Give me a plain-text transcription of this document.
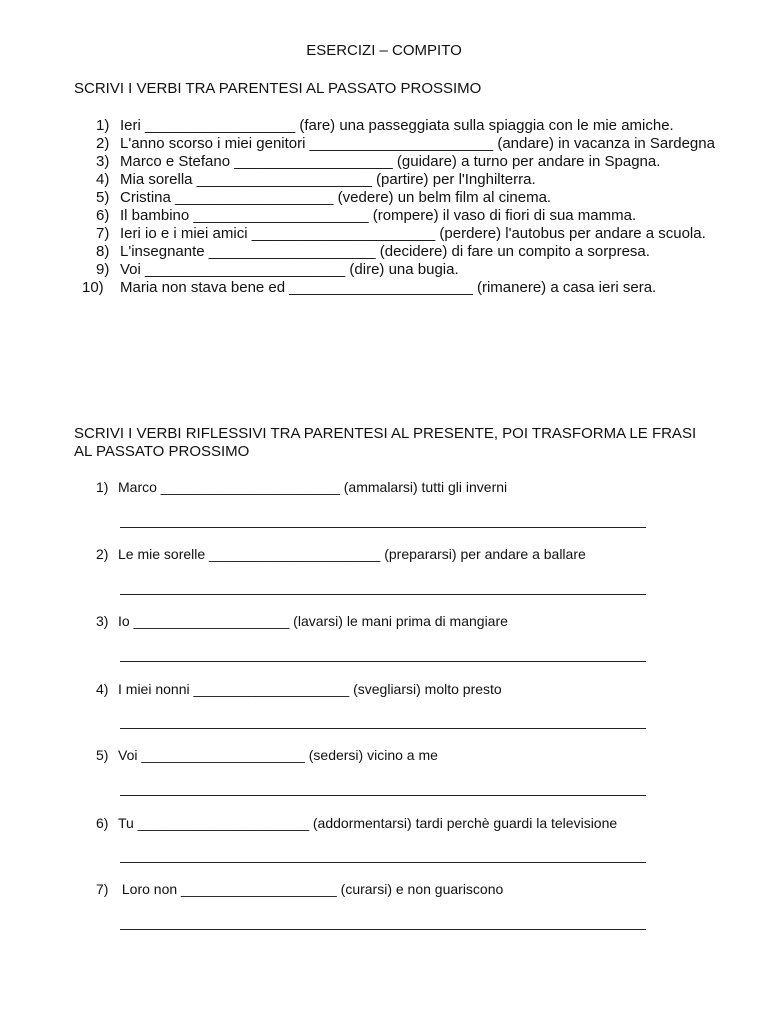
ESERCIZI – COMPITO
SCRIVI I VERBI TRA PARENTESI AL PASSATO PROSSIMO
1) Ieri __________________ (fare) una passeggiata sulla spiaggia con le mie amiche.
2) L'anno scorso i miei genitori ______________________ (andare) in vacanza in Sardegna
3) Marco e Stefano ___________________ (guidare) a turno per andare in Spagna.
4) Mia sorella _____________________ (partire) per l'Inghilterra.
5) Cristina ___________________ (vedere) un belm film al cinema.
6) Il bambino _____________________ (rompere) il vaso di fiori di sua mamma.
7) Ieri io e i miei amici ______________________ (perdere) l'autobus per andare a scuola.
8) L'insegnante ____________________ (decidere) di fare un compito a sorpresa.
9) Voi ________________________ (dire) una bugia.
10) Maria non stava bene ed ______________________ (rimanere) a casa ieri sera.
SCRIVI I VERBI RIFLESSIVI TRA PARENTESI AL PRESENTE, POI TRASFORMA LE FRASI AL PASSATO PROSSIMO
1) Marco _______________________ (ammalarsi) tutti gli inverni
2) Le mie sorelle ______________________ (prepararsi) per andare a ballare
3) Io ____________________ (lavarsi) le mani prima di mangiare
4) I miei nonni ____________________ (svegliarsi) molto presto
5) Voi _____________________ (sedersi) vicino a me
6) Tu ______________________ (addormentarsi) tardi perchè guardi la televisione
7) Loro non ____________________ (curarsi) e non guariscono
